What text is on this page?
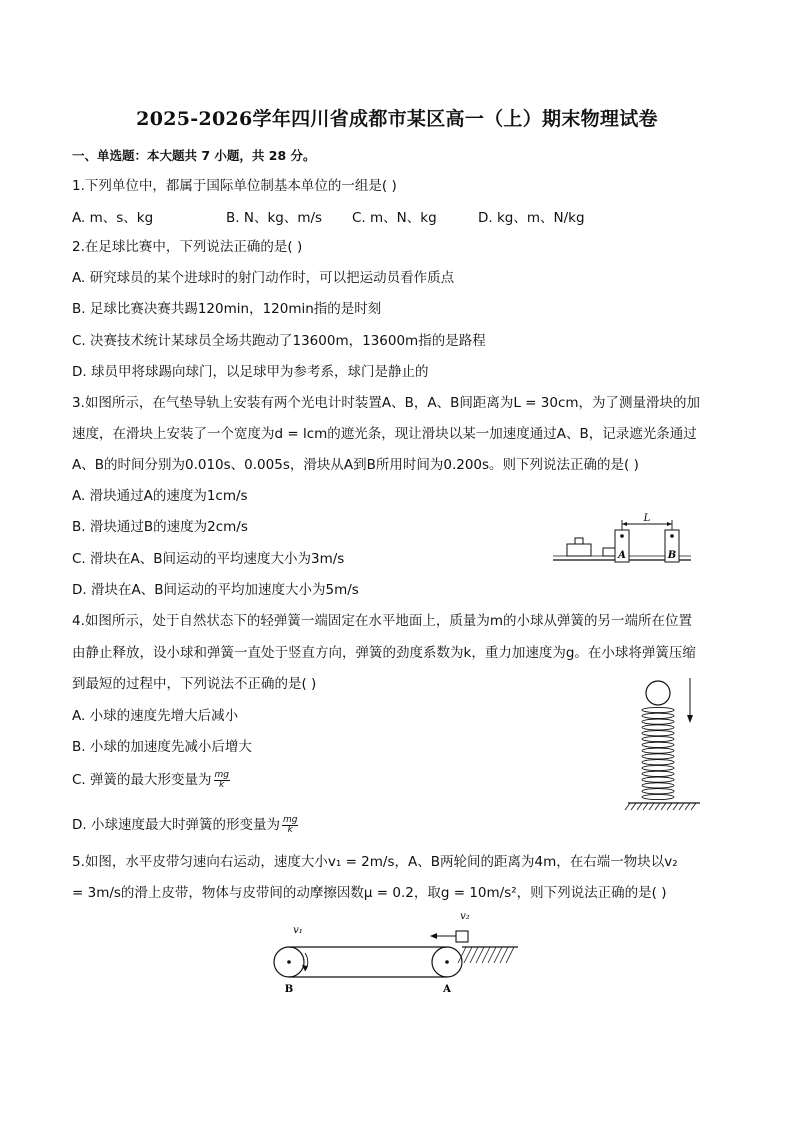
2025-2026学年四川省成都市某区高一（上）期末物理试卷
一、单选题：本大题共 7 小题，共 28 分。
1.下列单位中，都属于国际单位制基本单位的一组是( )
A. m、s、kg	B. N、kg、m/s C. m、N、kg	D. kg、m、N/kg
2.在足球比赛中，下列说法正确的是( )
A. 研究球员的某个进球时的射门动作时，可以把运动员看作质点
B. 足球比赛决赛共踢120min，120min指的是时刻
C. 决赛技术统计某球员全场共跑动了13600m，13600m指的是路程
D. 球员甲将球踢向球门，以足球甲为参考系，球门是静止的
3.如图所示，在气垫导轨上安装有两个光电计时装置A、B，A、B间距离为L = 30cm，为了测量滑块的加
速度，在滑块上安装了一个宽度为d = lcm的遮光条，现让滑块以某一加速度通过A、B，记录遮光条通过
A、B的时间分别为0.010s、0.005s，滑块从A到B所用时间为0.200s。则下列说法正确的是( )
A. 滑块通过A的速度为1cm/s
B. 滑块通过B的速度为2cm/s
C. 滑块在A、B间运动的平均速度大小为3m/s
D. 滑块在A、B间运动的平均加速度大小为5m/s
L
A	B
4.如图所示，处于自然状态下的轻弹簧一端固定在水平地面上，质量为m的小球从弹簧的另一端所在位置
由静止释放，设小球和弹簧一直处于竖直方向，弹簧的劲度系数为k，重力加速度为g。在小球将弹簧压缩
到最短的过程中，下列说法不正确的是( )
A. 小球的速度先增大后减小
B. 小球的加速度先减小后增大
C. 弹簧的最大形变量为 $\frac{mg}{k}$
D. 小球速度最大时弹簧的形变量为 $\frac{mg}{k}$
5.如图，水平皮带匀速向右运动，速度大小v₁ = 2m/s，A、B两轮间的距离为4m，在右端一物块以v₂
= 3m/s的滑上皮带，物体与皮带间的动摩擦因数μ = 0.2，取g = 10m/s²，则下列说法正确的是( )
v₁
v₂
B	A
